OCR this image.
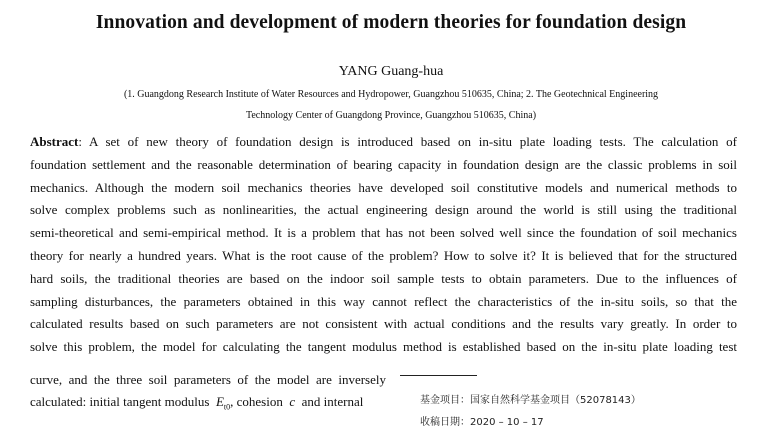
Innovation and development of modern theories for foundation design
YANG Guang-hua
(1. Guangdong Research Institute of Water Resources and Hydropower, Guangzhou 510635, China; 2. The Geotechnical Engineering
Technology Center of Guangdong Province, Guangzhou 510635, China)
Abstract: A set of new theory of foundation design is introduced based on in-situ plate loading tests. The calculation of
foundation settlement and the reasonable determination of bearing capacity in foundation design are the classic problems in soil
mechanics. Although the modern soil mechanics theories have developed soil constitutive models and numerical methods to
solve complex problems such as nonlinearities, the actual engineering design around the world is still using the traditional
semi-theoretical and semi-empirical method. It is a problem that has not been solved well since the foundation of soil mechanics
theory for nearly a hundred years. What is the root cause of the problem? How to solve it? It is believed that for the structured
hard soils, the traditional theories are based on the indoor soil sample tests to obtain parameters. Due to the influences of
sampling disturbances, the parameters obtained in this way cannot reflect the characteristics of the in-situ soils, so that the
calculated results based on such parameters are not consistent with actual conditions and the results vary greatly. In order to
solve this problem, the model for calculating the tangent modulus method is established based on the in-situ plate loading test
curve, and the three soil parameters of the model are inversely
calculated: initial tangent modulus $E_{t0}$, cohesion c and internal	基金项目：国家自然科学基金项目（52078143）
收稿日期：2020 – 10 – 17
